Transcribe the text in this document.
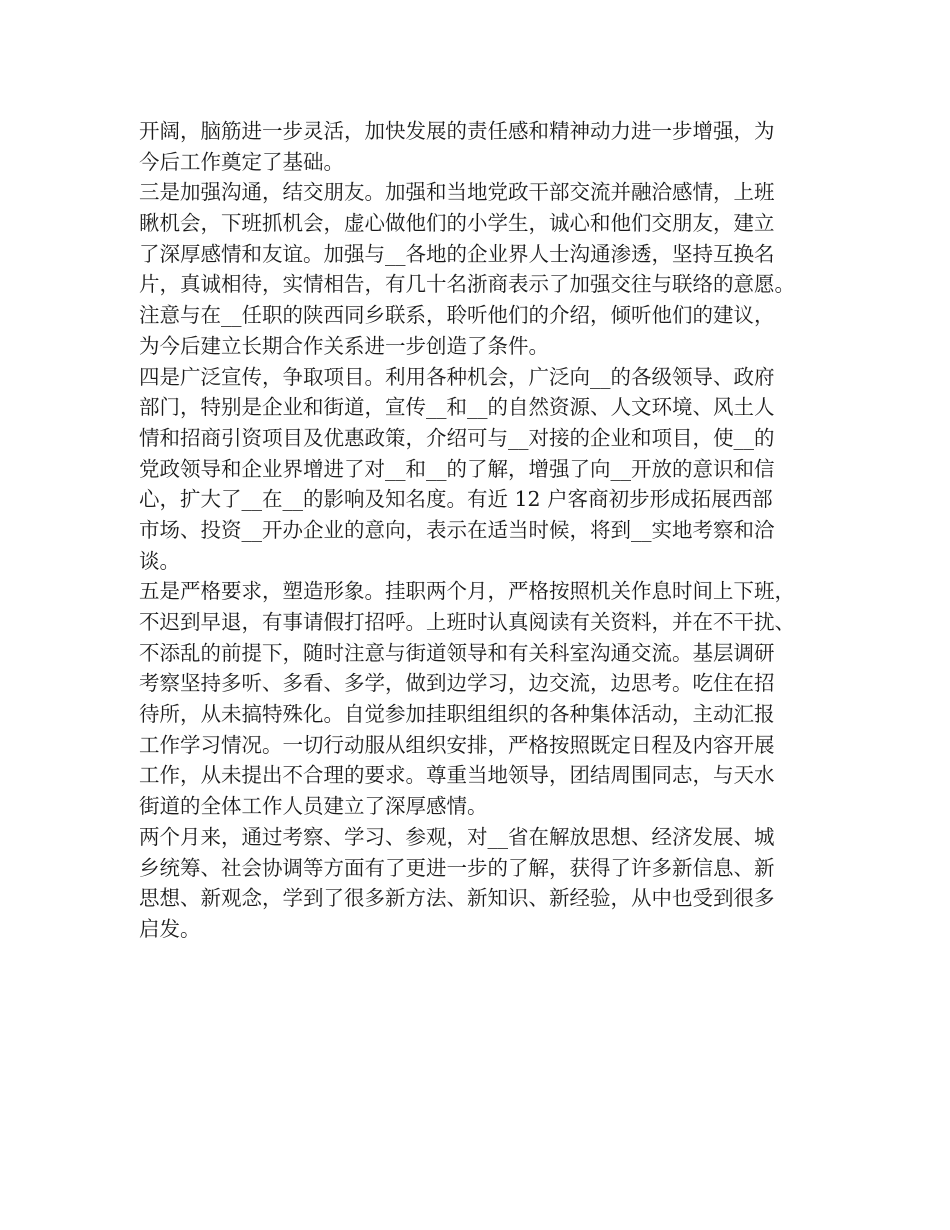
开阔，脑筋进一步灵活，加快发展的责任感和精神动力进一步增强，为
今后工作奠定了基础。
三是加强沟通，结交朋友。加强和当地党政干部交流并融洽感情，上班
瞅机会，下班抓机会，虚心做他们的小学生，诚心和他们交朋友，建立
了深厚感情和友谊。加强与__各地的企业界人士沟通渗透，坚持互换名
片，真诚相待，实情相告，有几十名浙商表示了加强交往与联络的意愿。
注意与在__任职的陕西同乡联系，聆听他们的介绍，倾听他们的建议，
为今后建立长期合作关系进一步创造了条件。
四是广泛宣传，争取项目。利用各种机会，广泛向__的各级领导、政府
部门，特别是企业和街道，宣传__和__的自然资源、人文环境、风土人
情和招商引资项目及优惠政策，介绍可与__对接的企业和项目，使__的
党政领导和企业界增进了对__和__的了解，增强了向__开放的意识和信
心，扩大了__在__的影响及知名度。有近 12 户客商初步形成拓展西部
市场、投资__开办企业的意向，表示在适当时候，将到__实地考察和洽
谈。
五是严格要求，塑造形象。挂职两个月，严格按照机关作息时间上下班，
不迟到早退，有事请假打招呼。上班时认真阅读有关资料，并在不干扰、
不添乱的前提下，随时注意与街道领导和有关科室沟通交流。基层调研
考察坚持多听、多看、多学，做到边学习，边交流，边思考。吃住在招
待所，从未搞特殊化。自觉参加挂职组组织的各种集体活动，主动汇报
工作学习情况。一切行动服从组织安排，严格按照既定日程及内容开展
工作，从未提出不合理的要求。尊重当地领导，团结周围同志，与天水
街道的全体工作人员建立了深厚感情。
两个月来，通过考察、学习、参观，对__省在解放思想、经济发展、城
乡统筹、社会协调等方面有了更进一步的了解，获得了许多新信息、新
思想、新观念，学到了很多新方法、新知识、新经验，从中也受到很多
启发。
